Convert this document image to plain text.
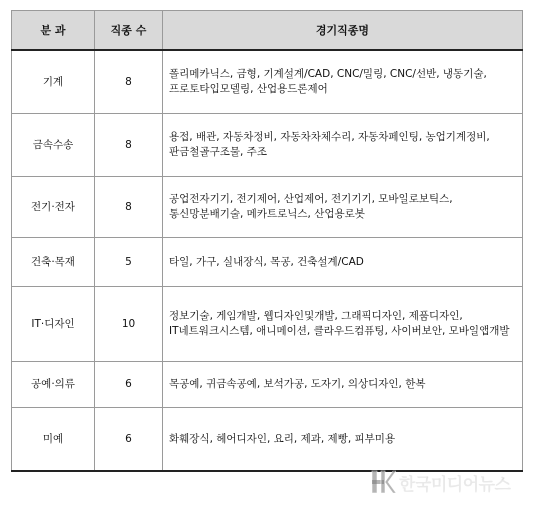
분 과	직종 수	경기직종명
기계	8	폴리메카닉스, 금형, 기계설계/CAD, CNC/밀링, CNC/선반, 냉동기술, 프로토타입모델링, 산업용드론제어
금속수송	8	용접, 배관, 자동차정비, 자동차차체수리, 자동차페인팅, 농업기계정비, 판금철골구조물, 주조
전기·전자	8	공업전자기기, 전기제어, 산업제어, 전기기기, 모바일로보틱스, 통신망분배기술, 메카트로닉스, 산업용로봇
건축·목재	5	타일, 가구, 실내장식, 목공, 건축설계/CAD
IT·디자인	10	정보기술, 게임개발, 웹디자인및개발, 그래픽디자인, 제품디자인, IT네트워크시스템, 애니메이션, 클라우드컴퓨팅, 사이버보안, 모바일앱개발
공예·의류	6	목공예, 귀금속공예, 보석가공, 도자기, 의상디자인, 한복
미예	6	화훼장식, 헤어디자인, 요리, 제과, 제빵, 피부미용
한국미디어뉴스
